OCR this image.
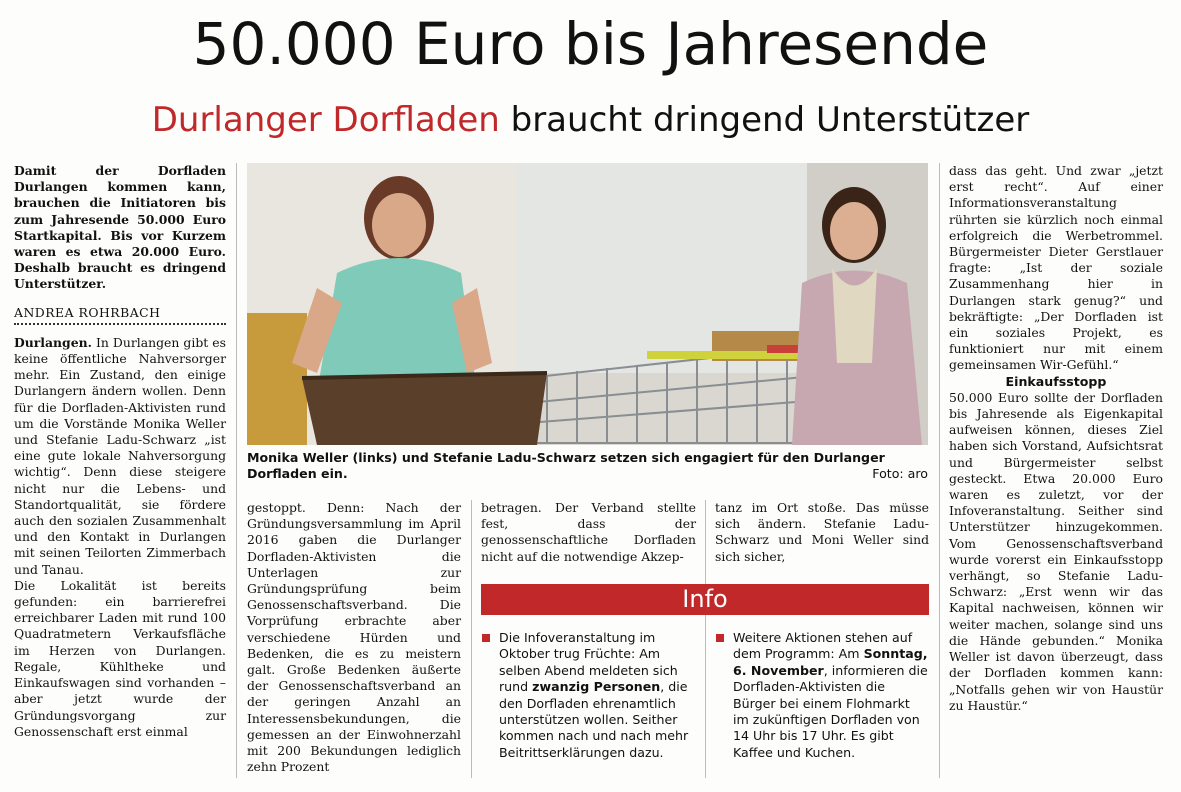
50.000 Euro bis Jahresende
Durlanger Dorfladen braucht dringend Unterstützer

Damit der Dorfladen Durlangen kommen kann, brauchen die Initiatoren bis zum Jahresende 50.000 Euro Startkapital. Bis vor Kurzem waren es etwa 20.000 Euro. Deshalb braucht es dringend Unterstützer.

ANDREA ROHRBACH

Durlangen. In Durlangen gibt es keine öffentliche Nahversorger mehr. Ein Zustand, den einige Durlangern ändern wollen. Denn für die Dorfladen-Aktivisten rund um die Vorstände Monika Weller und Stefanie Ladu-Schwarz „ist eine gute lokale Nahversorgung wichtig“. Denn diese steigere nicht nur die Lebens- und Standortqualität, sie fördere auch den sozialen Zusammenhalt und den Kontakt in Durlangen mit seinen Teilorten Zimmerbach und Tanau.

Die Lokalität ist bereits gefunden: ein barrierefrei erreichbarer Laden mit rund 100 Quadratmetern Verkaufsfläche im Herzen von Durlangen. Regale, Kühltheke und Einkaufswagen sind vorhanden – aber jetzt wurde der Gründungsvorgang zur Genossenschaft erst einmal

Monika Weller (links) und Stefanie Ladu-Schwarz setzen sich engagiert für den Durlanger Dorfladen ein.	Foto: aro

gestoppt. Denn: Nach der Gründungsversammlung im April 2016 gaben die Durlanger Dorfladen-Aktivisten die Unterlagen zur Gründungsprüfung beim Genossenschaftsverband. Die Vorprüfung erbrachte aber verschiedene Hürden und Bedenken, die es zu meistern galt. Große Bedenken äußerte der Genossenschaftsverband an der geringen Anzahl an Interessensbekundungen, die gemessen an der Einwohnerzahl mit 200 Bekundungen lediglich zehn Prozent

betragen. Der Verband stellte fest, dass der genossenschaftliche Dorfladen nicht auf die notwendige Akzep-

tanz im Ort stoße. Das müsse sich ändern. Stefanie Ladu-Schwarz und Moni Weller sind sich sicher,

Info
Die Infoveranstaltung im Oktober trug Früchte: Am selben Abend meldeten sich rund zwanzig Personen, die den Dorfladen ehrenamtlich unterstützen wollen. Seither kommen nach und nach mehr Beitrittserklärungen dazu.
Weitere Aktionen stehen auf dem Programm: Am Sonntag, 6. November, informieren die Dorfladen-Aktivisten die Bürger bei einem Flohmarkt im zukünftigen Dorfladen von 14 Uhr bis 17 Uhr. Es gibt Kaffee und Kuchen.

dass das geht. Und zwar „jetzt erst recht“. Auf einer Informationsveranstaltung rührten sie kürzlich noch einmal erfolgreich die Werbetrommel. Bürgermeister Dieter Gerstlauer fragte: „Ist der soziale Zusammenhang hier in Durlangen stark genug?“ und bekräftigte: „Der Dorfladen ist ein soziales Projekt, es funktioniert nur mit einem gemeinsamen Wir-Gefühl.“

Einkaufsstopp

50.000 Euro sollte der Dorfladen bis Jahresende als Eigenkapital aufweisen können, dieses Ziel haben sich Vorstand, Aufsichtsrat und Bürgermeister selbst gesteckt. Etwa 20.000 Euro waren es zuletzt, vor der Infoveranstaltung. Seither sind Unterstützer hinzugekommen. Vom Genossenschaftsverband wurde vorerst ein Einkaufsstopp verhängt, so Stefanie Ladu-Schwarz: „Erst wenn wir das Kapital nachweisen, können wir weiter machen, solange sind uns die Hände gebunden.“ Monika Weller ist davon überzeugt, dass der Dorfladen kommen kann: „Notfalls gehen wir von Haustür zu Haustür.“
